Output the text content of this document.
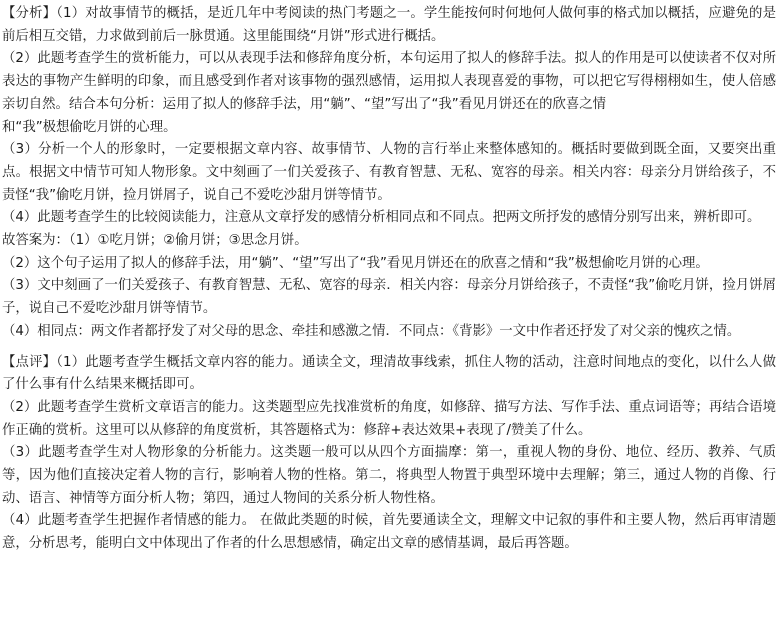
【分析】（1）对故事情节的概括，是近几年中考阅读的热门考题之一。学生能按何时何地何人做何事的格式加以概括，应避免的是前后相互交错，力求做到前后一脉贯通。这里能围绕“月饼”形式进行概括。

（2）此题考查学生的赏析能力，可以从表现手法和修辞角度分析，本句运用了拟人的修辞手法。拟人的作用是可以使读者不仅对所表达的事物产生鲜明的印象，而且感受到作者对该事物的强烈感情，运用拟人表现喜爱的事物，可以把它写得栩栩如生，使人倍感亲切自然。结合本句分析：运用了拟人的修辞手法，用“躺”、“望”写出了“我”看见月饼还在的欣喜之情

和“我”极想偷吃月饼的心理。

（3）分析一个人的形象时，一定要根据文章内容、故事情节、人物的言行举止来整体感知的。概括时要做到既全面，又要突出重点。根据文中情节可知人物形象。文中刻画了一们关爱孩子、有教育智慧、无私、宽容的母亲。相关内容：母亲分月饼给孩子，不责怪“我”偷吃月饼，捡月饼屑子，说自己不爱吃沙甜月饼等情节。

（4）此题考查学生的比较阅读能力，注意从文章抒发的感情分析相同点和不同点。把两文所抒发的感情分别写出来，辨析即可。

故答案为：（1）①吃月饼；②偷月饼；③思念月饼。

（2）这个句子运用了拟人的修辞手法，用“躺”、“望”写出了“我”看见月饼还在的欣喜之情和“我”极想偷吃月饼的心理。

（3）文中刻画了一们关爱孩子、有教育智慧、无私、宽容的母亲．相关内容：母亲分月饼给孩子，不责怪“我”偷吃月饼，捡月饼屑子，说自己不爱吃沙甜月饼等情节。

（4）相同点：两文作者都抒发了对父母的思念、牵挂和感激之情．不同点：《背影》一文中作者还抒发了对父亲的愧疚之情。

【点评】（1）此题考查学生概括文章内容的能力。通读全文，理清故事线索，抓住人物的活动，注意时间地点的变化，以什么人做了什么事有什么结果来概括即可。

（2）此题考查学生赏析文章语言的能力。这类题型应先找准赏析的角度，如修辞、描写方法、写作手法、重点词语等；再结合语境作正确的赏析。这里可以从修辞的角度赏析，其答题格式为：修辞+表达效果+表现了/赞美了什么。

（3）此题考查学生对人物形象的分析能力。这类题一般可以从四个方面揣摩：第一，重视人物的身份、地位、经历、教养、气质等，因为他们直接决定着人物的言行，影响着人物的性格。第二，将典型人物置于典型环境中去理解；第三，通过人物的肖像、行动、语言、神情等方面分析人物；第四，通过人物间的关系分析人物性格。

（4）此题考查学生把握作者情感的能力。 在做此类题的时候，首先要通读全文，理解文中记叙的事件和主要人物，然后再审清题意，分析思考，能明白文中体现出了作者的什么思想感情，确定出文章的感情基调，最后再答题。
